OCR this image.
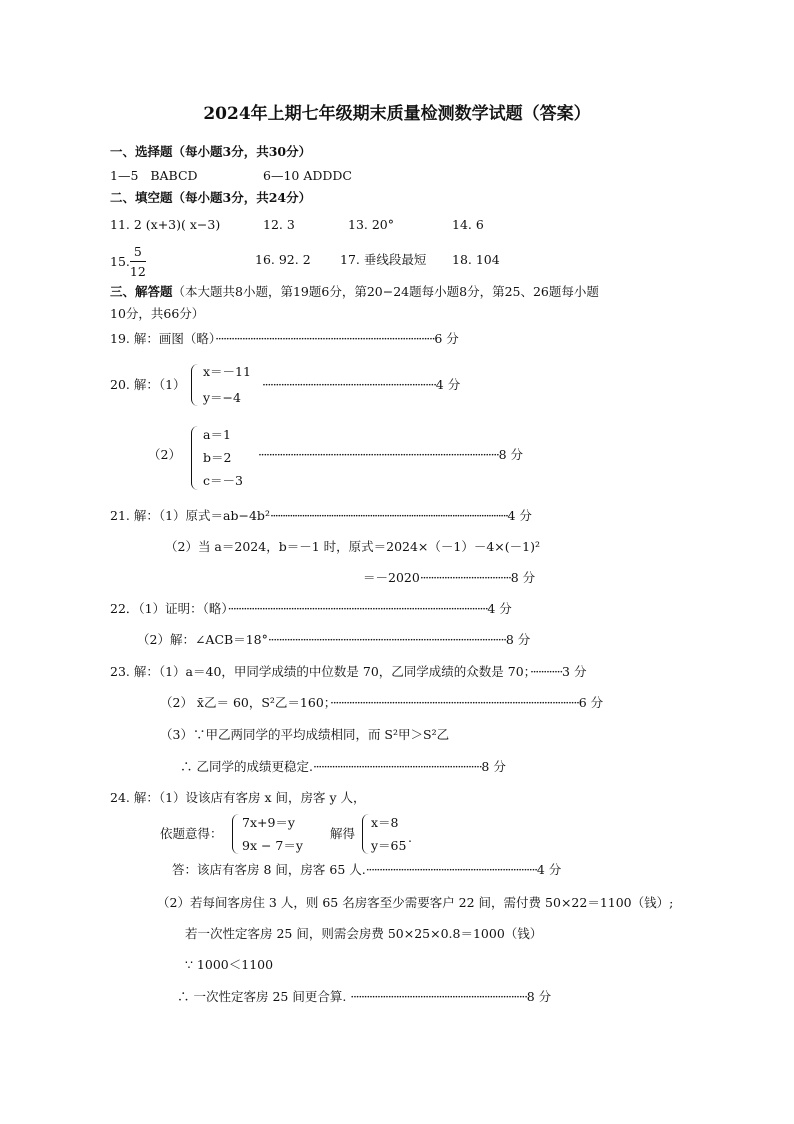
2024年上期七年级期末质量检测数学试题（答案）
一、选择题（每小题3分，共30分）
1—5 BABCD	6—10 ADDDC
二、填空题（每小题3分，共24分）
11. 2 (x+3)( x−3)	12. 3	13. 20°	14. 6
15. $\frac{5}{12}$	16. 92. 2 17. 垂线段最短 18. 104
三、解答题（本大题共8小题，第19题6分，第20−24题每小题8分，第25、26题每小题
10分，共66分）
19. 解：画图（略）··················································································6 分
20. 解：（1）
x＝－11
y＝−4
·································································4 分
（2）
a＝1
b＝2
c＝－3
··························································································8 分
21. 解：（1）原式＝ab−4b²··································································································4 分
（2）当 a＝2024，b＝－1 时，原式＝2024×（－1）－4×(－1)²
＝－2020··································8 分
22．（1）证明：（略）···································································································4 分
（2）解：∠ACB＝18°·························································································8 分
23. 解：（1）a＝40，甲同学成绩的中位数是 70，乙同学成绩的众数是 70；············3 分
（2） x̄乙＝ 60，S²乙＝160；·····························································································6 分
（3）∵甲乙两同学的平均成绩相同，而 S²甲＞S²乙
∴ 乙同学的成绩更稳定.·······························································8 分
24. 解：（1）设该店有客房 x 间，房客 y 人，
依题意得：
7x+9＝y
9x − 7＝y
解得
x＝8
y＝65
.
答：该店有客房 8 间，房客 65 人.································································4 分
（2）若每间客房住 3 人，则 65 名房客至少需要客户 22 间，需付费 50×22＝1100（钱）;
若一次性定客房 25 间，则需会房费 50×25×0.8＝1000（钱）
∵ 1000＜1100
∴ 一次性定客房 25 间更合算. ··································································8 分
